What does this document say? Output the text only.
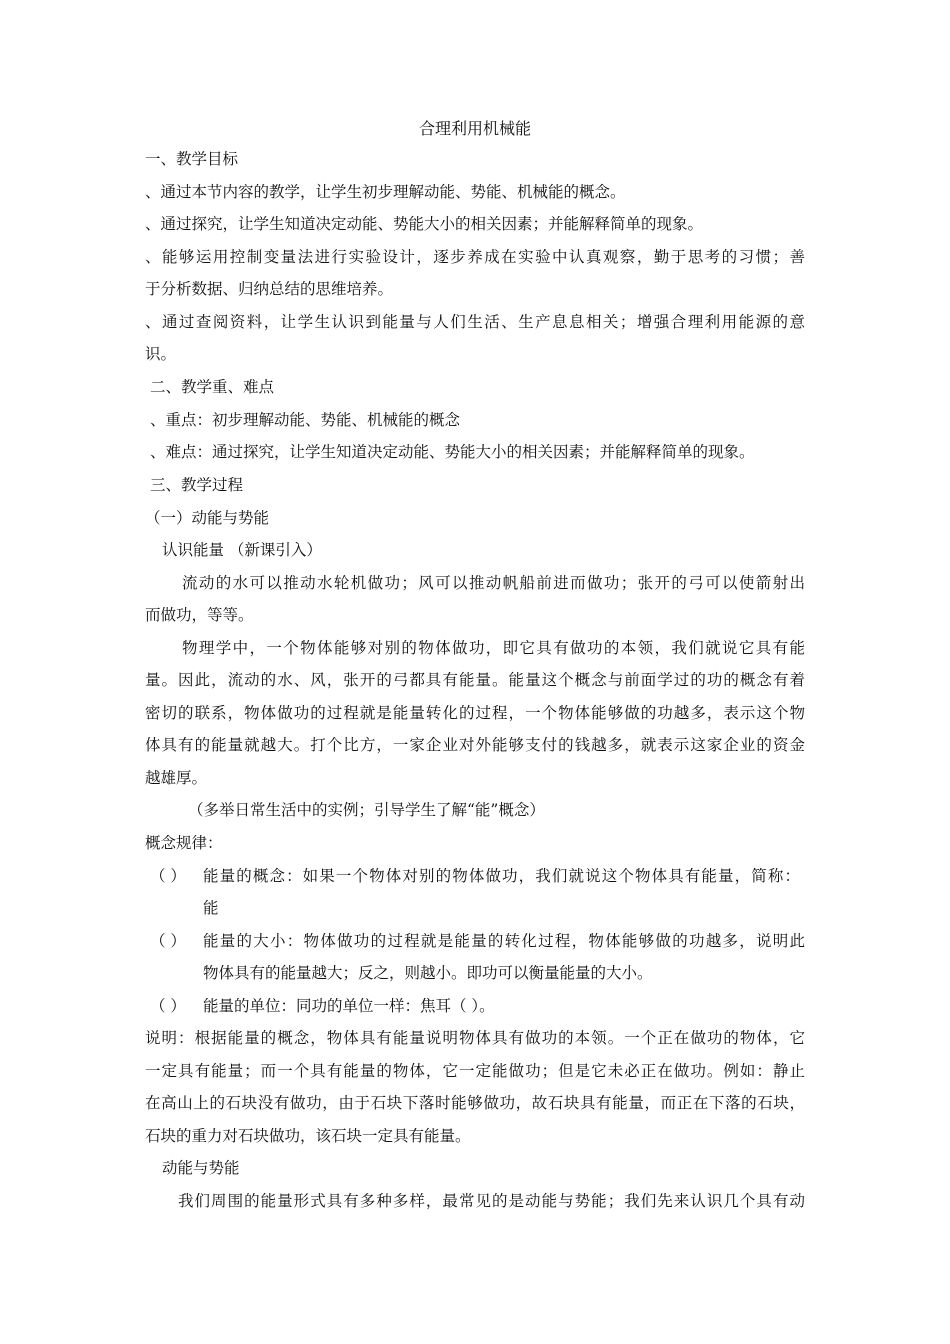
合理利用机械能
一、教学目标
、通过本节内容的教学，让学生初步理解动能、势能、机械能的概念。
、通过探究，让学生知道决定动能、势能大小的相关因素；并能解释简单的现象。
、能够运用控制变量法进行实验设计，逐步养成在实验中认真观察，勤于思考的习惯；善
于分析数据、归纳总结的思维培养。
、通过查阅资料，让学生认识到能量与人们生活、生产息息相关；增强合理利用能源的意
识。
二、教学重、难点
、重点：初步理解动能、势能、机械能的概念
、难点：通过探究，让学生知道决定动能、势能大小的相关因素；并能解释简单的现象。
三、教学过程
（一）动能与势能
认识能量 （新课引入）
流动的水可以推动水轮机做功；风可以推动帆船前进而做功；张开的弓可以使箭射出
而做功，等等。
物理学中，一个物体能够对别的物体做功，即它具有做功的本领，我们就说它具有能
量。因此，流动的水、风，张开的弓都具有能量。能量这个概念与前面学过的功的概念有着
密切的联系，物体做功的过程就是能量转化的过程，一个物体能够做的功越多，表示这个物
体具有的能量就越大。打个比方，一家企业对外能够支付的钱越多，就表示这家企业的资金
越雄厚。
（多举日常生活中的实例；引导学生了解“能”概念）
概念规律：
（ ） 能量的概念：如果一个物体对别的物体做功，我们就说这个物体具有能量，简称：
能
（ ） 能量的大小：物体做功的过程就是能量的转化过程，物体能够做的功越多，说明此
物体具有的能量越大；反之，则越小。即功可以衡量能量的大小。
（ ） 能量的单位：同功的单位一样：焦耳（ ）。
说明：根据能量的概念，物体具有能量说明物体具有做功的本领。一个正在做功的物体，它
一定具有能量；而一个具有能量的物体，它一定能做功；但是它未必正在做功。例如：静止
在高山上的石块没有做功，由于石块下落时能够做功，故石块具有能量，而正在下落的石块，
石块的重力对石块做功，该石块一定具有能量。
动能与势能
我们周围的能量形式具有多种多样，最常见的是动能与势能；我们先来认识几个具有动
